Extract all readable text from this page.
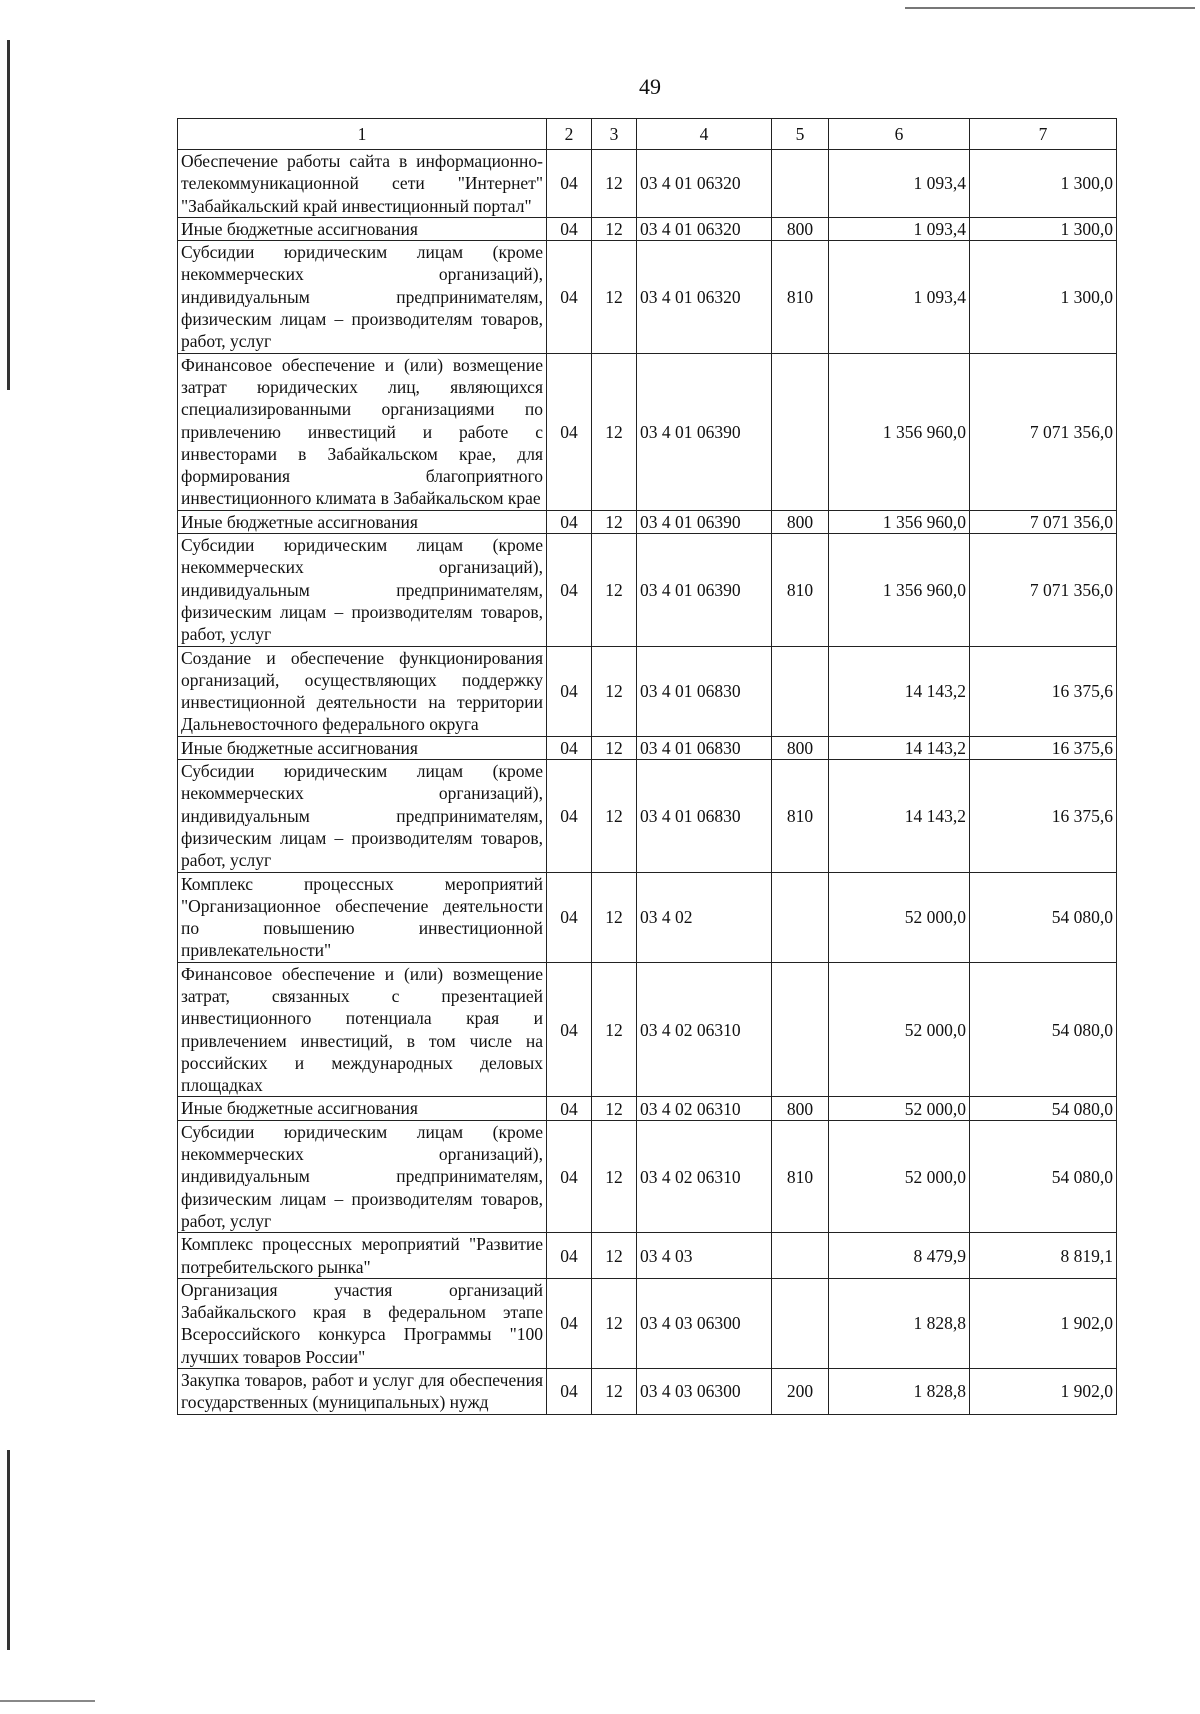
49
1	2	3	4	5	6	7
Обеспечение работы сайта в информационно-телекоммуникационной сети "Интернет" "Забайкальский край инвестиционный портал"	04	12	03 4 01 06320		1 093,4	1 300,0
Иные бюджетные ассигнования	04	12	03 4 01 06320	800	1 093,4	1 300,0
Субсидии юридическим лицам (кроме некоммерческих организаций), индивидуальным предпринимателям, физическим лицам – производителям товаров, работ, услуг	04	12	03 4 01 06320	810	1 093,4	1 300,0
Финансовое обеспечение и (или) возмещение затрат юридических лиц, являющихся специализированными организациями по привлечению инвестиций и работе с инвесторами в Забайкальском крае, для формирования благоприятного инвестиционного климата в Забайкальском крае	04	12	03 4 01 06390		1 356 960,0	7 071 356,0
Иные бюджетные ассигнования	04	12	03 4 01 06390	800	1 356 960,0	7 071 356,0
Субсидии юридическим лицам (кроме некоммерческих организаций), индивидуальным предпринимателям, физическим лицам – производителям товаров, работ, услуг	04	12	03 4 01 06390	810	1 356 960,0	7 071 356,0
Создание и обеспечение функционирования организаций, осуществляющих поддержку инвестиционной деятельности на территории Дальневосточного федерального округа	04	12	03 4 01 06830		14 143,2	16 375,6
Иные бюджетные ассигнования	04	12	03 4 01 06830	800	14 143,2	16 375,6
Субсидии юридическим лицам (кроме некоммерческих организаций), индивидуальным предпринимателям, физическим лицам – производителям товаров, работ, услуг	04	12	03 4 01 06830	810	14 143,2	16 375,6
Комплекс процессных мероприятий "Организационное обеспечение деятельности по повышению инвестиционной привлекательности"	04	12	03 4 02		52 000,0	54 080,0
Финансовое обеспечение и (или) возмещение затрат, связанных с презентацией инвестиционного потенциала края и привлечением инвестиций, в том числе на российских и международных деловых площадках	04	12	03 4 02 06310		52 000,0	54 080,0
Иные бюджетные ассигнования	04	12	03 4 02 06310	800	52 000,0	54 080,0
Субсидии юридическим лицам (кроме некоммерческих организаций), индивидуальным предпринимателям, физическим лицам – производителям товаров, работ, услуг	04	12	03 4 02 06310	810	52 000,0	54 080,0
Комплекс процессных мероприятий "Развитие потребительского рынка"	04	12	03 4 03		8 479,9	8 819,1
Организация участия организаций Забайкальского края в федеральном этапе Всероссийского конкурса Программы "100 лучших товаров России"	04	12	03 4 03 06300		1 828,8	1 902,0
Закупка товаров, работ и услуг для обеспечения государственных (муниципальных) нужд	04	12	03 4 03 06300	200	1 828,8	1 902,0
